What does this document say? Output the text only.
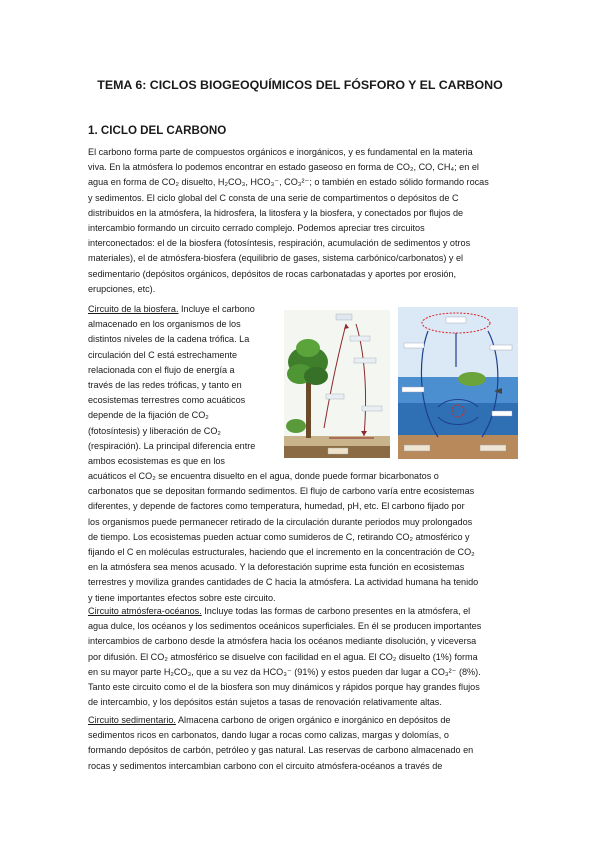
TEMA 6: CICLOS BIOGEOQUÍMICOS DEL FÓSFORO Y EL CARBONO
1. CICLO DEL CARBONO
El carbono forma parte de compuestos orgánicos e inorgánicos, y es fundamental en la materia
viva. En la atmósfera lo podemos encontrar en estado gaseoso en forma de CO₂, CO, CH₄; en el
agua en forma de CO₂ disuelto, H₂CO₃, HCO₃⁻, CO₃²⁻; o también en estado sólido formando rocas
y sedimentos. El ciclo global del C consta de una serie de compartimentos o depósitos de C
distribuidos en la atmósfera, la hidrosfera, la litosfera y la biosfera, y conectados por flujos de
intercambio formando un circuito cerrado complejo. Podemos apreciar tres circuitos
interconectados: el de la biosfera (fotosíntesis, respiración, acumulación de sedimentos y otros
materiales), el de atmósfera-biosfera (equilibrio de gases, sistema carbónico/carbonatos) y el
sedimentario (depósitos orgánicos, depósitos de rocas carbonatadas y aportes por erosión,
erupciones, etc).
Circuito de la biosfera. Incluye el carbono
almacenado en los organismos de los
distintos niveles de la cadena trófica. La
circulación del C está estrechamente
relacionada con el flujo de energía a
través de las redes tróficas, y tanto en
ecosistemas terrestres como acuáticos
depende de la fijación de CO₂
(fotosíntesis) y liberación de CO₂
(respiración). La principal diferencia entre
ambos ecosistemas es que en los
acuáticos el CO₂ se encuentra disuelto en el agua, donde puede formar bicarbonatos o
carbonatos que se depositan formando sedimentos. El flujo de carbono varía entre ecosistemas
diferentes, y depende de factores como temperatura, humedad, pH, etc. El carbono fijado por
los organismos puede permanecer retirado de la circulación durante periodos muy prolongados
de tiempo. Los ecosistemas pueden actuar como sumideros de C, retirando CO₂ atmosférico y
fijando el C en moléculas estructurales, haciendo que el incremento en la concentración de CO₂
en la atmósfera sea menos acusado. Y la deforestación suprime esta función en ecosistemas
terrestres y moviliza grandes cantidades de C hacia la atmósfera. La actividad humana ha tenido
y tiene importantes efectos sobre este circuito.
Circuito atmósfera-océanos. Incluye todas las formas de carbono presentes en la atmósfera, el
agua dulce, los océanos y los sedimentos oceánicos superficiales. En él se producen importantes
intercambios de carbono desde la atmósfera hacia los océanos mediante disolución, y viceversa
por difusión. El CO₂ atmosférico se disuelve con facilidad en el agua. El CO₂ disuelto (1%) forma
en su mayor parte H₂CO₃, que a su vez da HCO₃⁻ (91%) y estos pueden dar lugar a CO₃²⁻ (8%).
Tanto este circuito como el de la biosfera son muy dinámicos y rápidos porque hay grandes flujos
de intercambio, y los depósitos están sujetos a tasas de renovación relativamente altas.
Circuito sedimentario. Almacena carbono de origen orgánico e inorgánico en depósitos de
sedimentos ricos en carbonatos, dando lugar a rocas como calizas, margas y dolomías, o
formando depósitos de carbón, petróleo y gas natural. Las reservas de carbono almacenado en
rocas y sedimentos intercambian carbono con el circuito atmósfera-océanos a través de
